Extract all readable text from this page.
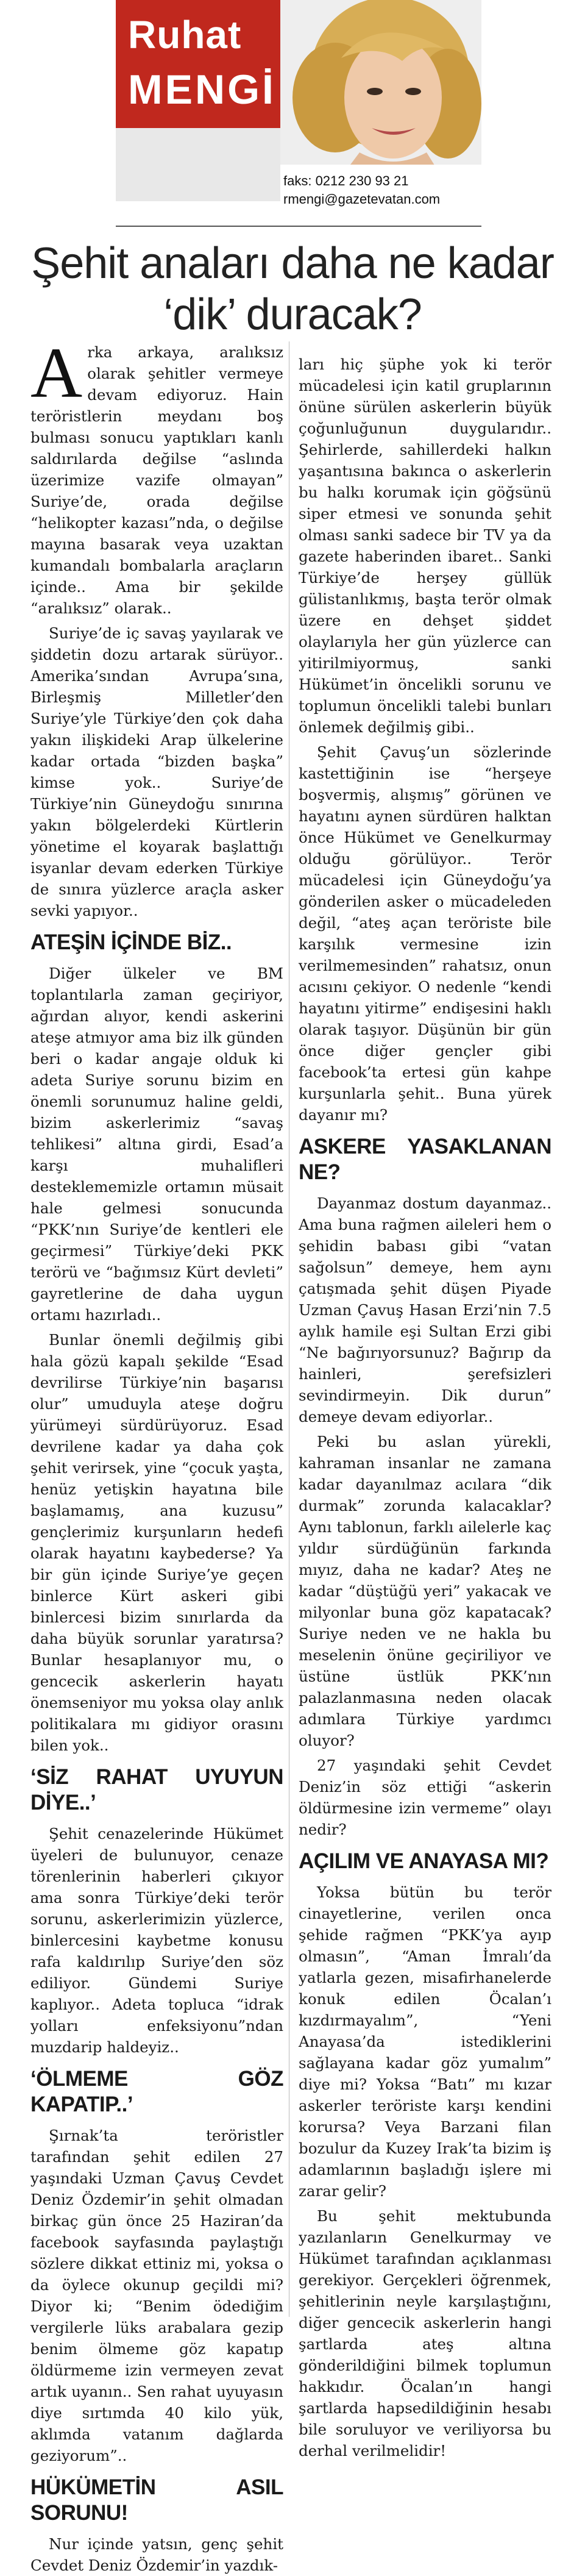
Ruhat
MENGİ
faks: 0212 230 93 21
rmengi@gazetevatan.com
Şehit anaları daha ne kadar ‘dik’ duracak?

Arka arkaya, aralıksız olarak şehitler vermeye devam ediyoruz. Hain teröristlerin meydanı boş bulması sonucu yaptıkları kanlı saldırılarda değilse “aslında üzerimize vazife olmayan” Suriye’de, orada değilse “helikopter kazası”nda, o değilse mayına basarak veya uzaktan kumandalı bombalarla araçların içinde.. Ama bir şekilde “aralıksız” olarak..

Suriye’de iç savaş yayılarak ve şiddetin dozu artarak sürüyor.. Amerika’sından Avrupa’sına, Birleşmiş Milletler’den Suriye’yle Türkiye’den çok daha yakın ilişkideki Arap ülkelerine kadar ortada “bizden başka” kimse yok.. Suriye’de Türkiye’nin Güneydoğu sınırına yakın bölgelerdeki Kürtlerin yönetime el koyarak başlattığı isyanlar devam ederken Türkiye de sınıra yüzlerce araçla asker sevki yapıyor..

ATEŞİN İÇİNDE BİZ..

Diğer ülkeler ve BM toplantılarla zaman geçiriyor, ağırdan alıyor, kendi askerini ateşe atmıyor ama biz ilk günden beri o kadar angaje olduk ki adeta Suriye sorunu bizim en önemli sorunumuz haline geldi, bizim askerlerimiz “savaş tehlikesi” altına girdi, Esad’a karşı muhalifleri desteklememizle ortamın müsait hale gelmesi sonucunda “PKK’nın Suriye’de kentleri ele geçirmesi” Türkiye’deki PKK terörü ve “bağımsız Kürt devleti” gayretlerine de daha uygun ortamı hazırladı..

Bunlar önemli değilmiş gibi hala gözü kapalı şekilde “Esad devrilirse Türkiye’nin başarısı olur” umuduyla ateşe doğru yürümeyi sürdürüyoruz. Esad devrilene kadar ya daha çok şehit verirsek, yine “çocuk yaşta, henüz yetişkin hayatına bile başlamamış, ana kuzusu” gençlerimiz kurşunların hedefi olarak hayatını kaybederse? Ya bir gün içinde Suriye’ye geçen binlerce Kürt askeri gibi binlercesi bizim sınırlarda da daha büyük sorunlar yaratırsa? Bunlar hesaplanıyor mu, o gencecik askerlerin hayatı önemseniyor mu yoksa olay anlık politikalara mı gidiyor orasını bilen yok..

‘SİZ RAHAT UYUYUN DİYE..’

Şehit cenazelerinde Hükümet üyeleri de bulunuyor, cenaze törenlerinin haberleri çıkıyor ama sonra Türkiye’deki terör sorunu, askerlerimizin yüzlerce, binlercesini kaybetme konusu rafa kaldırılıp Suriye’den söz ediliyor. Gündemi Suriye kaplıyor.. Adeta topluca “idrak yolları enfeksiyonu”ndan muzdarip haldeyiz..

‘ÖLMEME GÖZ KAPATIP..’

Şırnak’ta teröristler tarafından şehit edilen 27 yaşındaki Uzman Çavuş Cevdet Deniz Özdemir’in şehit olmadan birkaç gün önce 25 Haziran’da facebook sayfasında paylaştığı sözlere dikkat ettiniz mi, yoksa o da öylece okunup geçildi mi? Diyor ki; “Benim ödediğim vergilerle lüks arabalara gezip benim ölmeme göz kapatıp öldürmeme izin vermeyen zevat artık uyanın.. Sen rahat uyuyasın diye sırtımda 40 kilo yük, aklımda vatanım dağlarda geziyorum”..

HÜKÜMETİN ASIL SORUNU!

Nur içinde yatsın, genç şehit Cevdet Deniz Özdemir’in yazdık-

ları hiç şüphe yok ki terör mücadelesi için katil gruplarının önüne sürülen askerlerin büyük çoğunluğunun duygularıdır.. Şehirlerde, sahillerdeki halkın yaşantısına bakınca o askerlerin bu halkı korumak için göğsünü siper etmesi ve sonunda şehit olması sanki sadece bir TV ya da gazete haberinden ibaret.. Sanki Türkiye’de herşey güllük gülistanlıkmış, başta terör olmak üzere en dehşet şiddet olaylarıyla her gün yüzlerce can yitirilmiyormuş, sanki Hükümet’in öncelikli sorunu ve toplumun öncelikli talebi bunları önlemek değilmiş gibi..

Şehit Çavuş’un sözlerinde kastettiğinin ise “herşeye boşvermiş, alışmış” görünen ve hayatını aynen sürdüren halktan önce Hükümet ve Genelkurmay olduğu görülüyor.. Terör mücadelesi için Güneydoğu’ya gönderilen asker o mücadeleden değil, “ateş açan teröriste bile karşılık vermesine izin verilmemesinden” rahatsız, onun acısını çekiyor. O nedenle “kendi hayatını yitirme” endişesini haklı olarak taşıyor. Düşünün bir gün önce diğer gençler gibi facebook’ta ertesi gün kahpe kurşunlarla şehit.. Buna yürek dayanır mı?

ASKERE YASAKLANAN NE?

Dayanmaz dostum dayanmaz.. Ama buna rağmen aileleri hem o şehidin babası gibi “vatan sağolsun” demeye, hem aynı çatışmada şehit düşen Piyade Uzman Çavuş Hasan Erzi’nin 7.5 aylık hamile eşi Sultan Erzi gibi “Ne bağırıyorsunuz? Bağırıp da hainleri, şerefsizleri sevindirmeyin. Dik durun” demeye devam ediyorlar..

Peki bu aslan yürekli, kahraman insanlar ne zamana kadar dayanılmaz acılara “dik durmak” zorunda kalacaklar? Aynı tablonun, farklı ailelerle kaç yıldır sürdüğünün farkında mıyız, daha ne kadar? Ateş ne kadar “düştüğü yeri” yakacak ve milyonlar buna göz kapatacak? Suriye neden ve ne hakla bu meselenin önüne geçiriliyor ve üstüne üstlük PKK’nın palazlanmasına neden olacak adımlara Türkiye yardımcı oluyor?

27 yaşındaki şehit Cevdet Deniz’in söz ettiği “askerin öldürmesine izin vermeme” olayı nedir?

AÇILIM VE ANAYASA MI?

Yoksa bütün bu terör cinayetlerine, verilen onca şehide rağmen “PKK’ya ayıp olmasın”, “Aman İmralı’da yatlarla gezen, misafirhanelerde konuk edilen Öcalan’ı kızdırmayalım”, “Yeni Anayasa’da istediklerini sağlayana kadar göz yumalım” diye mi? Yoksa “Batı” mı kızar askerler teröriste karşı kendini korursa? Veya Barzani filan bozulur da Kuzey Irak’ta bizim iş adamlarının başladığı işlere mi zarar gelir?

Bu şehit mektubunda yazılanların Genelkurmay ve Hükümet tarafından açıklanması gerekiyor. Gerçekleri öğrenmek, şehitlerinin neyle karşılaştığını, diğer gencecik askerlerin hangi şartlarda ateş altına gönderildiğini bilmek toplumun hakkıdır. Öcalan’ın hangi şartlarda hapsedildiğinin hesabı bile soruluyor ve veriliyorsa bu derhal verilmelidir!
